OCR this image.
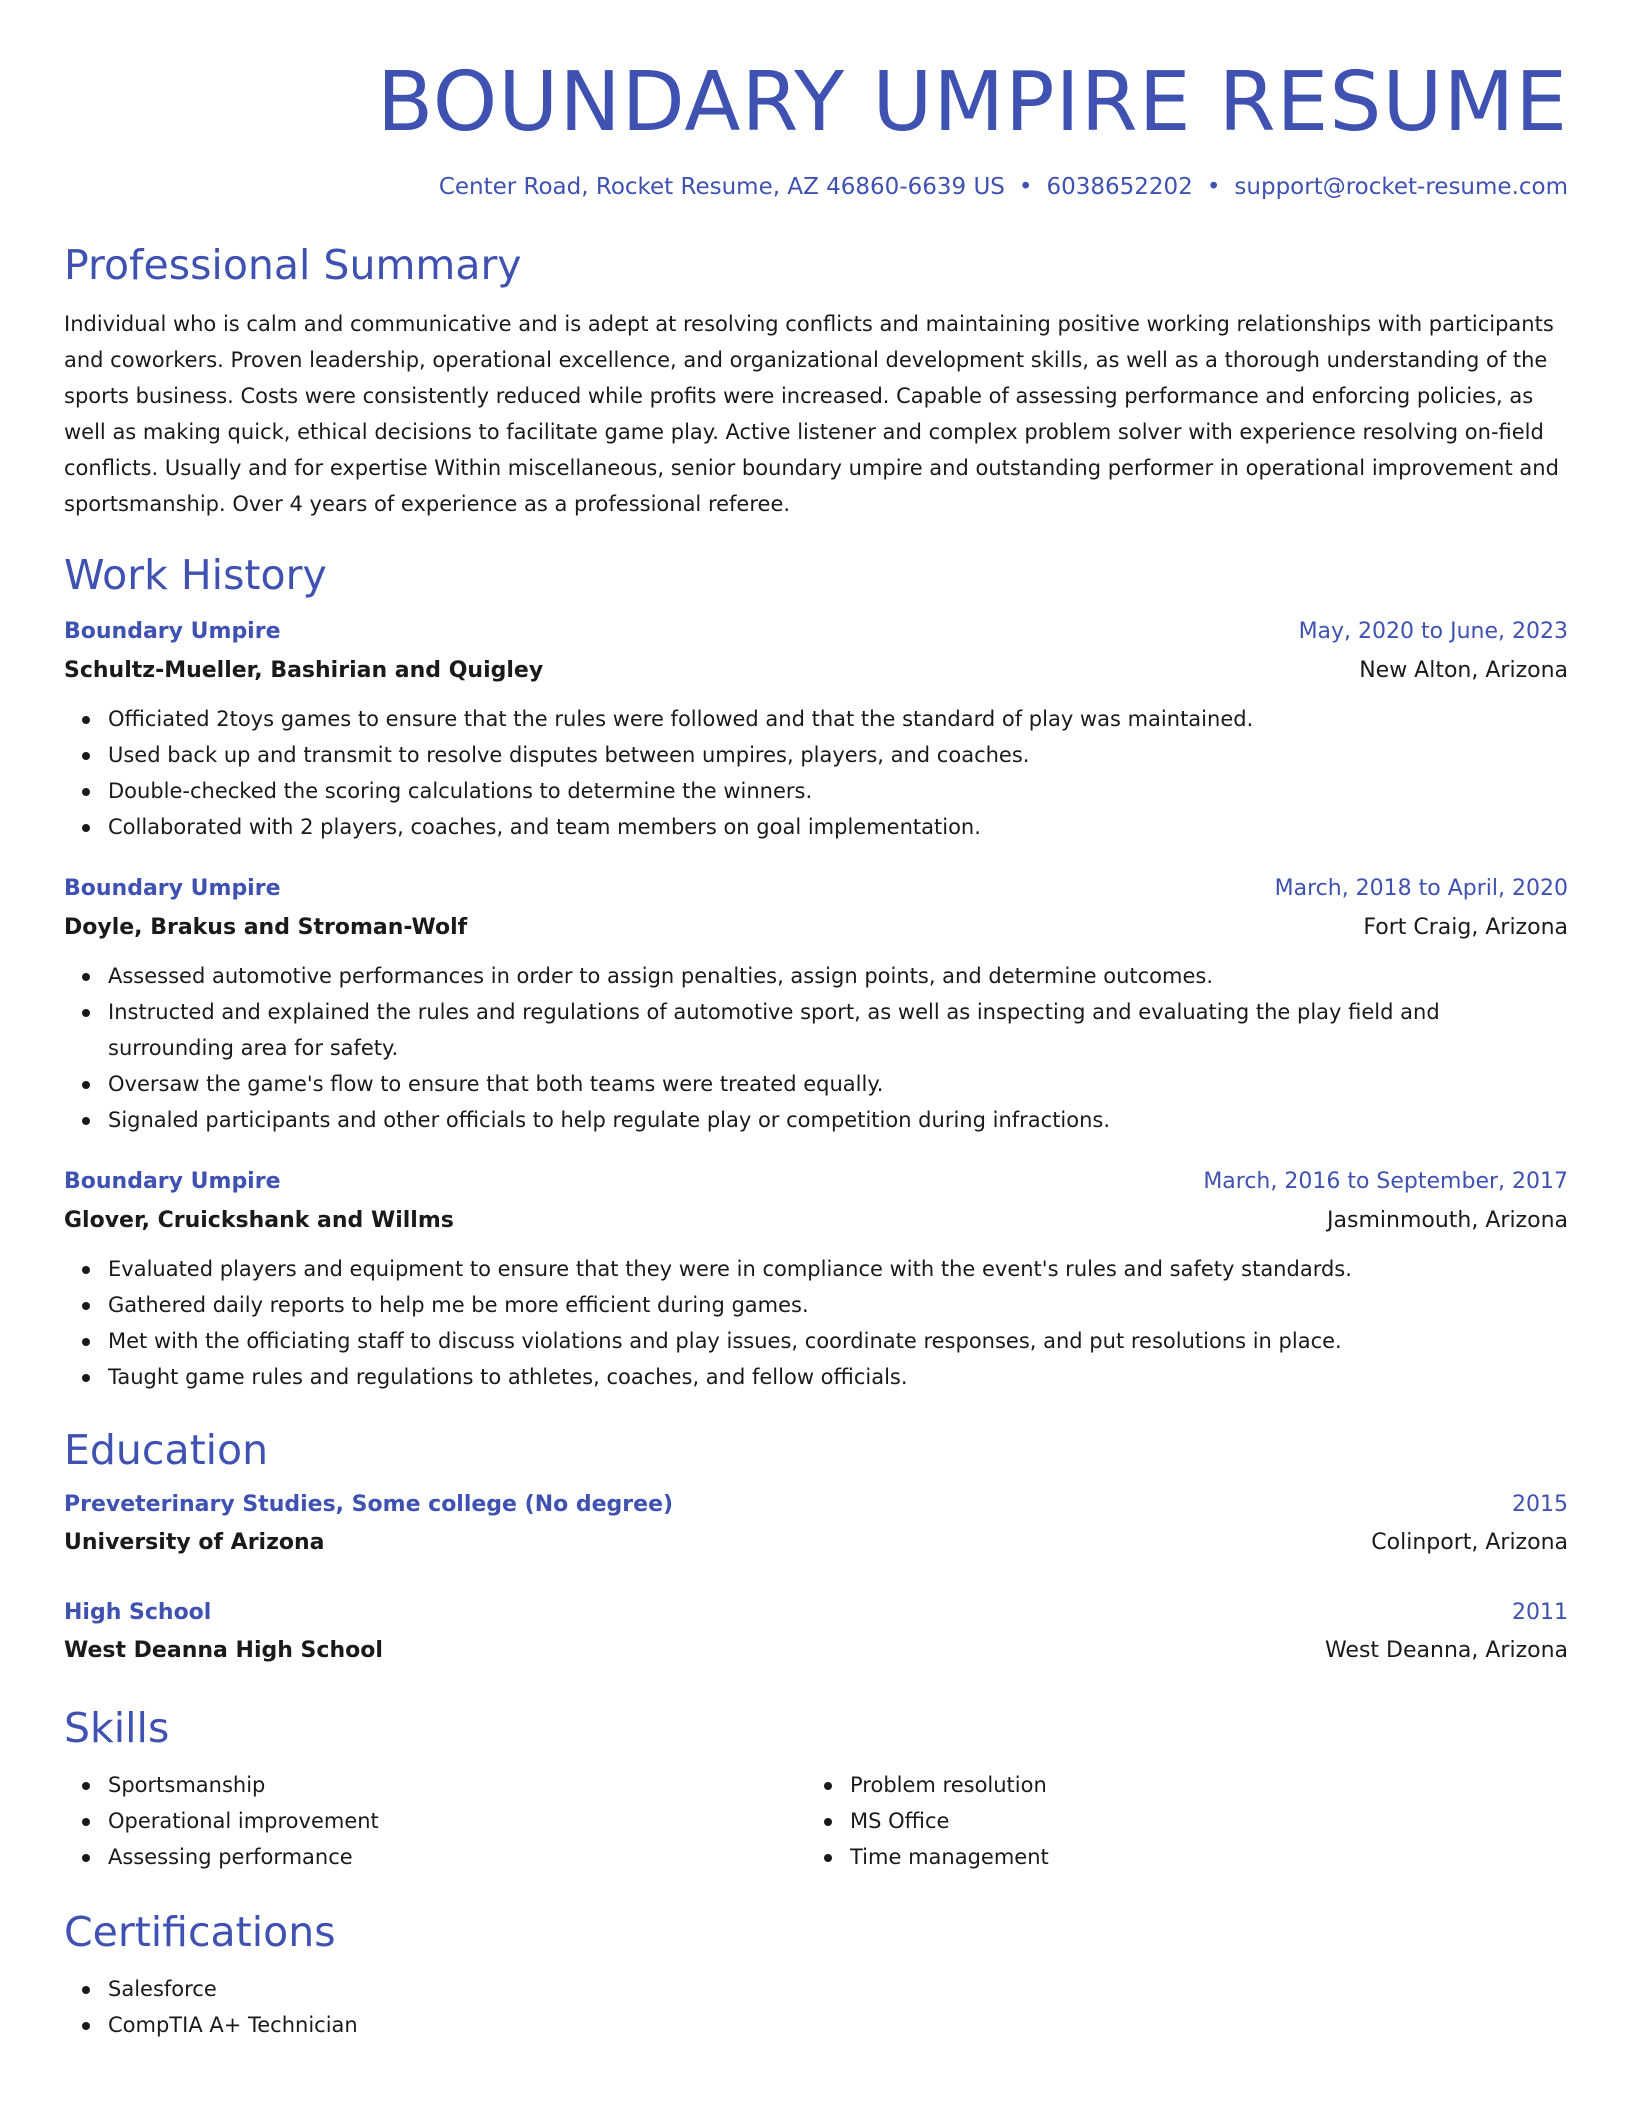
BOUNDARY UMPIRE RESUME
Center Road, Rocket Resume, AZ 46860-6639 US • 6038652202 • support@rocket-resume.com
Professional Summary

Individual who is calm and communicative and is adept at resolving conflicts and maintaining positive working relationships with participants and coworkers. Proven leadership, operational excellence, and organizational development skills, as well as a thorough understanding of the sports business. Costs were consistently reduced while profits were increased. Capable of assessing performance and enforcing policies, as well as making quick, ethical decisions to facilitate game play. Active listener and complex problem solver with experience resolving on-field conflicts. Usually and for expertise Within miscellaneous, senior boundary umpire and outstanding performer in operational improvement and sportsmanship. Over 4 years of experience as a professional referee.

Work History
Boundary Umpire	May, 2020 to June, 2023
Schultz-Mueller, Bashirian and Quigley	New Alton, Arizona
Officiated 2toys games to ensure that the rules were followed and that the standard of play was maintained.
Used back up and transmit to resolve disputes between umpires, players, and coaches.
Double-checked the scoring calculations to determine the winners.
Collaborated with 2 players, coaches, and team members on goal implementation.
Boundary Umpire	March, 2018 to April, 2020
Doyle, Brakus and Stroman-Wolf	Fort Craig, Arizona
Assessed automotive performances in order to assign penalties, assign points, and determine outcomes.
Instructed and explained the rules and regulations of automotive sport, as well as inspecting and evaluating the play field and surrounding area for safety.
Oversaw the game's flow to ensure that both teams were treated equally.
Signaled participants and other officials to help regulate play or competition during infractions.
Boundary Umpire	March, 2016 to September, 2017
Glover, Cruickshank and Willms	Jasminmouth, Arizona
Evaluated players and equipment to ensure that they were in compliance with the event's rules and safety standards.
Gathered daily reports to help me be more efficient during games.
Met with the officiating staff to discuss violations and play issues, coordinate responses, and put resolutions in place.
Taught game rules and regulations to athletes, coaches, and fellow officials.
Education
Preveterinary Studies, Some college (No degree)	2015
University of Arizona	Colinport, Arizona
High School	2011
West Deanna High School	West Deanna, Arizona
Skills
Sportsmanship
Operational improvement
Assessing performance
Problem resolution
MS Office
Time management
Certifications
Salesforce
CompTIA A+ Technician
